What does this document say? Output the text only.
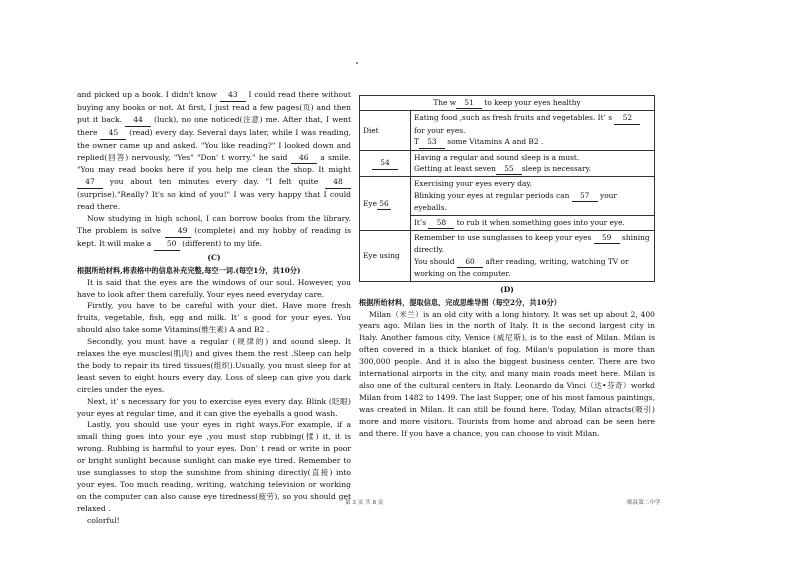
and picked up a book. I didn't know 43 I could read there without buying any books or not. At first, I just read a few pages(页) and then put it back. 44 (luck), no one noticed(注意) me. After that, I went there 45 (read) every day. Several days later, while I was reading, the owner came up and asked. "You like reading?" I looked down and replied(回答) nervously, "Yes" "Don' t worry." he said 46 a smile. "You may read books here if you help me clean the shop. It might 47 you about ten minutes every day. "I felt quite 48 (surprise)."Really? It's so kind of you!" I was very happy that I could read there.

Now studying in high school, I can borrow books from the library. The problem is solve 49 (complete) and my hobby of reading is kept. It will make a 50 (different) to my life.

(C)
根据所给材料,将表格中的信息补充完整,每空一词.(每空1分，共10分)

It is said that the eyes are the windows of our soul. However, you have to look after them carefully. Your eyes need everyday care.

Firstly, you have to be careful with your diet. Have more fresh fruits, vegetable, fish, egg and milk. It’ s good for your eyes. You should also take some Vitamins(维生素) A and B2 .

Secondly, you must have a regular (规律的) and sound sleep. It relaxes the eye muscles(肌肉) and gives them the rest .Sleep can help the body to repair its tired tissues(组织).Usually, you must sleep for at least seven to eight hours every day. Loss of sleep can give you dark circles under the eyes.

Next, it’ s necessary for you to exercise eyes every day. Blink (眨眼) your eyes at regular time, and it can give the eyeballs a good wash.

Lastly, you should use your eyes in right ways.For example, if a small thing goes into your eye ,you must stop rubbing(揉) it, it is wrong. Rubbing is harmful to your eyes. Don’ t read or write in poor or bright sunlight because sunlight can make eye tired. Remember to use sunglasses to stop the sunshine from shining directly(直接) into your eyes. Too much reading, writing, watching television or working on the computer can also cause eye tiredness(疲劳), so you should get relaxed .

colorful!

The w 51 to keep your eyes healthy	
Diet	Eating food ,such as fresh fruits and vegetables. It’ s 52 for your eyes.
T 53 some Vitamins A and B2 .
54	Having a regular and sound sleep is a must.
Getting at least seven 55 sleep is necessary.
Eye 56	Exercising your eyes every day.
Blinking your eyes at regular periods can 57 your eyeballs.
	It’s 58 to rub it when something goes into your eye.
Eye using	Remember to use sunglasses to keep your eyes 59 shining directly.
You should 60 after reading, writing, watching TV or working on the computer.
(D)
根据所给材料，提取信息，完成思维导图（每空2分，共10分）

Milan（米兰）is an old city with a long history. It was set up about 2, 400 years ago. Milan lies in the north of Italy. It is the second largest city in Italy. Another famous city, Venice (威尼斯), is to the east of Milan. Milan is often covered in a thick blanket of fog. Milan's population is more than 300,000 people. And it is also the biggest business center. There are two international airports in the city, and many main roads meet here. Milan is also one of the cultural centers in Italy. Leonardo da Vinci（达•芬奇）workd Milan from 1482 to 1499. The last Supper, one of his most famous paintings, was created in Milan. It can still be found here. Today, Milan atracts(吸引) more and more visitors. Tourists from home and abroad can be seen here and there. If you have a chance, you can choose to visit Milan.

第 3 页 共 8 页	郧县第二中学
